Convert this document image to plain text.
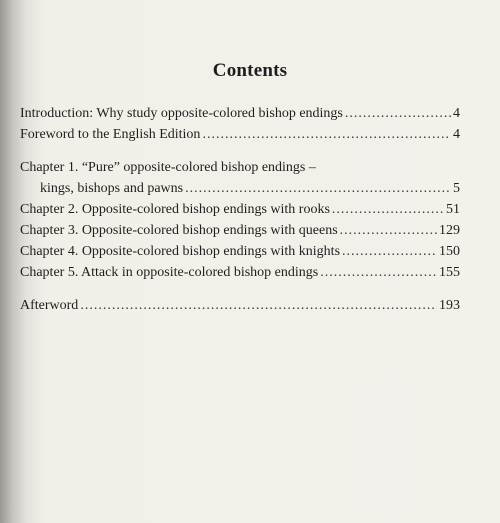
Contents
Introduction: Why study opposite-colored bishop endings .....	4
Foreword to the English Edition .....	4
Chapter 1. “Pure” opposite-colored bishop endings –
kings, bishops and pawns .....	5
Chapter 2. Opposite-colored bishop endings with rooks .....	51
Chapter 3. Opposite-colored bishop endings with queens .....	129
Chapter 4. Opposite-colored bishop endings with knights .....	150
Chapter 5. Attack in opposite-colored bishop endings .....	155
Afterword .....	193
